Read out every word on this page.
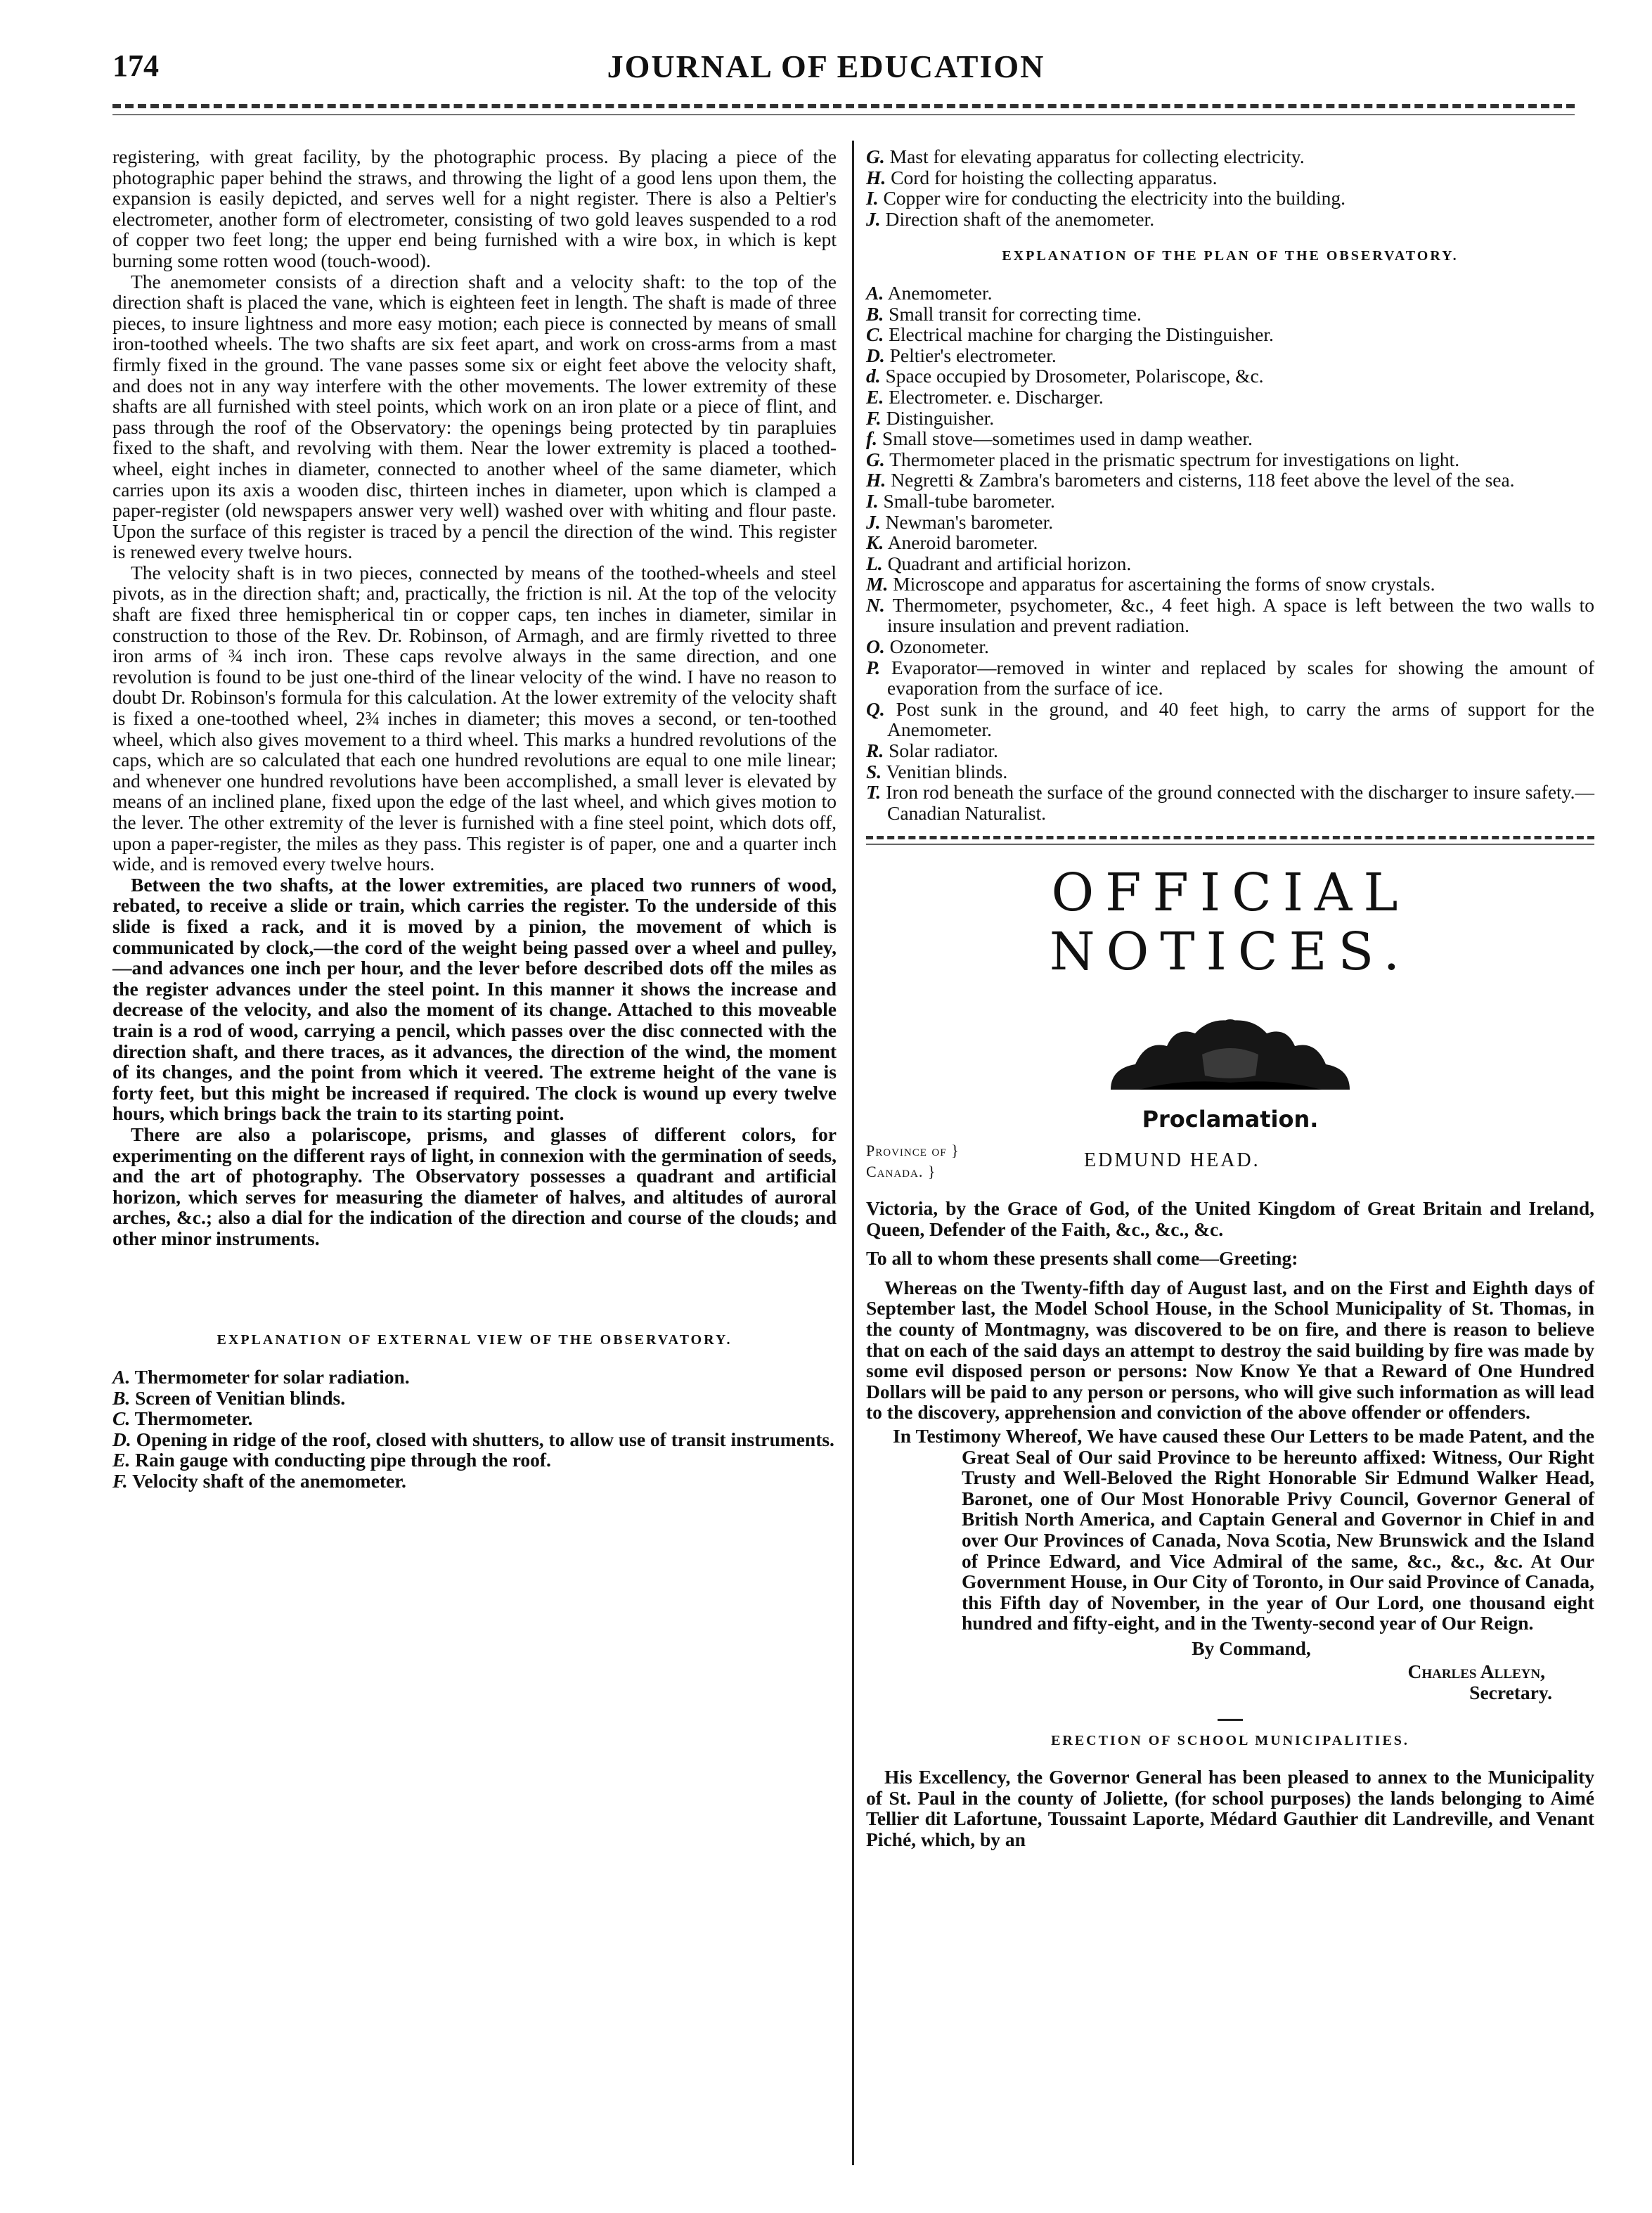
174	JOURNAL OF EDUCATION

registering, with great facility, by the photographic process. By placing a piece of the photographic paper behind the straws, and throwing the light of a good lens upon them, the expansion is easily depicted, and serves well for a night register. There is also a Peltier's electrometer, another form of electrometer, consisting of two gold leaves suspended to a rod of copper two feet long; the upper end being furnished with a wire box, in which is kept burning some rotten wood (touch-wood).

The anemometer consists of a direction shaft and a velocity shaft: to the top of the direction shaft is placed the vane, which is eighteen feet in length. The shaft is made of three pieces, to insure lightness and more easy motion; each piece is connected by means of small iron-toothed wheels. The two shafts are six feet apart, and work on cross-arms from a mast firmly fixed in the ground. The vane passes some six or eight feet above the velocity shaft, and does not in any way interfere with the other movements. The lower extremity of these shafts are all furnished with steel points, which work on an iron plate or a piece of flint, and pass through the roof of the Observatory: the openings being protected by tin parapluies fixed to the shaft, and revolving with them. Near the lower extremity is placed a toothed-wheel, eight inches in diameter, connected to another wheel of the same diameter, which carries upon its axis a wooden disc, thirteen inches in diameter, upon which is clamped a paper-register (old newspapers answer very well) washed over with whiting and flour paste. Upon the surface of this register is traced by a pencil the direction of the wind. This register is renewed every twelve hours.

The velocity shaft is in two pieces, connected by means of the toothed-wheels and steel pivots, as in the direction shaft; and, practically, the friction is nil. At the top of the velocity shaft are fixed three hemispherical tin or copper caps, ten inches in diameter, similar in construction to those of the Rev. Dr. Robinson, of Armagh, and are firmly rivetted to three iron arms of ¾ inch iron. These caps revolve always in the same direction, and one revolution is found to be just one-third of the linear velocity of the wind. I have no reason to doubt Dr. Robinson's formula for this calculation. At the lower extremity of the velocity shaft is fixed a one-toothed wheel, 2¾ inches in diameter; this moves a second, or ten-toothed wheel, which also gives movement to a third wheel. This marks a hundred revolutions of the caps, which are so calculated that each one hundred revolutions are equal to one mile linear; and whenever one hundred revolutions have been accomplished, a small lever is elevated by means of an inclined plane, fixed upon the edge of the last wheel, and which gives motion to the lever. The other extremity of the lever is furnished with a fine steel point, which dots off, upon a paper-register, the miles as they pass. This register is of paper, one and a quarter inch wide, and is removed every twelve hours.

Between the two shafts, at the lower extremities, are placed two runners of wood, rebated, to receive a slide or train, which carries the register. To the underside of this slide is fixed a rack, and it is moved by a pinion, the movement of which is communicated by clock,—the cord of the weight being passed over a wheel and pulley,—and advances one inch per hour, and the lever before described dots off the miles as the register advances under the steel point. In this manner it shows the increase and decrease of the velocity, and also the moment of its change. Attached to this moveable train is a rod of wood, carrying a pencil, which passes over the disc connected with the direction shaft, and there traces, as it advances, the direction of the wind, the moment of its changes, and the point from which it veered. The extreme height of the vane is forty feet, but this might be increased if required. The clock is wound up every twelve hours, which brings back the train to its starting point.

There are also a polariscope, prisms, and glasses of different colors, for experimenting on the different rays of light, in connexion with the germination of seeds, and the art of photography. The Observatory possesses a quadrant and artificial horizon, which serves for measuring the diameter of halves, and altitudes of auroral arches, &c.; also a dial for the indication of the direction and course of the clouds; and other minor instruments.

EXPLANATION OF EXTERNAL VIEW OF THE OBSERVATORY.
A. Thermometer for solar radiation.
B. Screen of Venitian blinds.
C. Thermometer.
D. Opening in ridge of the roof, closed with shutters, to allow use of transit instruments.
E. Rain gauge with conducting pipe through the roof.
F. Velocity shaft of the anemometer.
G. Mast for elevating apparatus for collecting electricity.
H. Cord for hoisting the collecting apparatus.
I. Copper wire for conducting the electricity into the building.
J. Direction shaft of the anemometer.
EXPLANATION OF THE PLAN OF THE OBSERVATORY.
A. Anemometer.
B. Small transit for correcting time.
C. Electrical machine for charging the Distinguisher.
D. Peltier's electrometer.
d. Space occupied by Drosometer, Polariscope, &c.
E. Electrometer. e. Discharger.
F. Distinguisher.
f. Small stove—sometimes used in damp weather.
G. Thermometer placed in the prismatic spectrum for investigations on light.
H. Negretti & Zambra's barometers and cisterns, 118 feet above the level of the sea.
I. Small-tube barometer.
J. Newman's barometer.
K. Aneroid barometer.
L. Quadrant and artificial horizon.
M. Microscope and apparatus for ascertaining the forms of snow crystals.
N. Thermometer, psychometer, &c., 4 feet high. A space is left between the two walls to insure insulation and prevent radiation.
O. Ozonometer.
P. Evaporator—removed in winter and replaced by scales for showing the amount of evaporation from the surface of ice.
Q. Post sunk in the ground, and 40 feet high, to carry the arms of support for the Anemometer.
R. Solar radiator.
S. Venitian blinds.
T. Iron rod beneath the surface of the ground connected with the discharger to insure safety.—Canadian Naturalist.
OFFICIAL NOTICES.
Proclamation.
Province of }
Canada. }
EDMUND HEAD.

Victoria, by the Grace of God, of the United Kingdom of Great Britain and Ireland, Queen, Defender of the Faith, &c., &c., &c.

To all to whom these presents shall come—Greeting:

Whereas on the Twenty-fifth day of August last, and on the First and Eighth days of September last, the Model School House, in the School Municipality of St. Thomas, in the county of Montmagny, was discovered to be on fire, and there is reason to believe that on each of the said days an attempt to destroy the said building by fire was made by some evil disposed person or persons: Now Know Ye that a Reward of One Hundred Dollars will be paid to any person or persons, who will give such information as will lead to the discovery, apprehension and conviction of the above offender or offenders.

In Testimony Whereof, We have caused these Our Letters to be made Patent, and the Great Seal of Our said Province to be hereunto affixed: Witness, Our Right Trusty and Well-Beloved the Right Honorable Sir Edmund Walker Head, Baronet, one of Our Most Honorable Privy Council, Governor General of British North America, and Captain General and Governor in Chief in and over Our Provinces of Canada, Nova Scotia, New Brunswick and the Island of Prince Edward, and Vice Admiral of the same, &c., &c., &c. At Our Government House, in Our City of Toronto, in Our said Province of Canada, this Fifth day of November, in the year of Our Lord, one thousand eight hundred and fifty-eight, and in the Twenty-second year of Our Reign.

By Command,

Charles Alleyn,

Secretary.

ERECTION OF SCHOOL MUNICIPALITIES.

His Excellency, the Governor General has been pleased to annex to the Municipality of St. Paul in the county of Joliette, (for school purposes) the lands belonging to Aimé Tellier dit Lafortune, Toussaint Laporte, Médard Gauthier dit Landreville, and Venant Piché, which, by an
